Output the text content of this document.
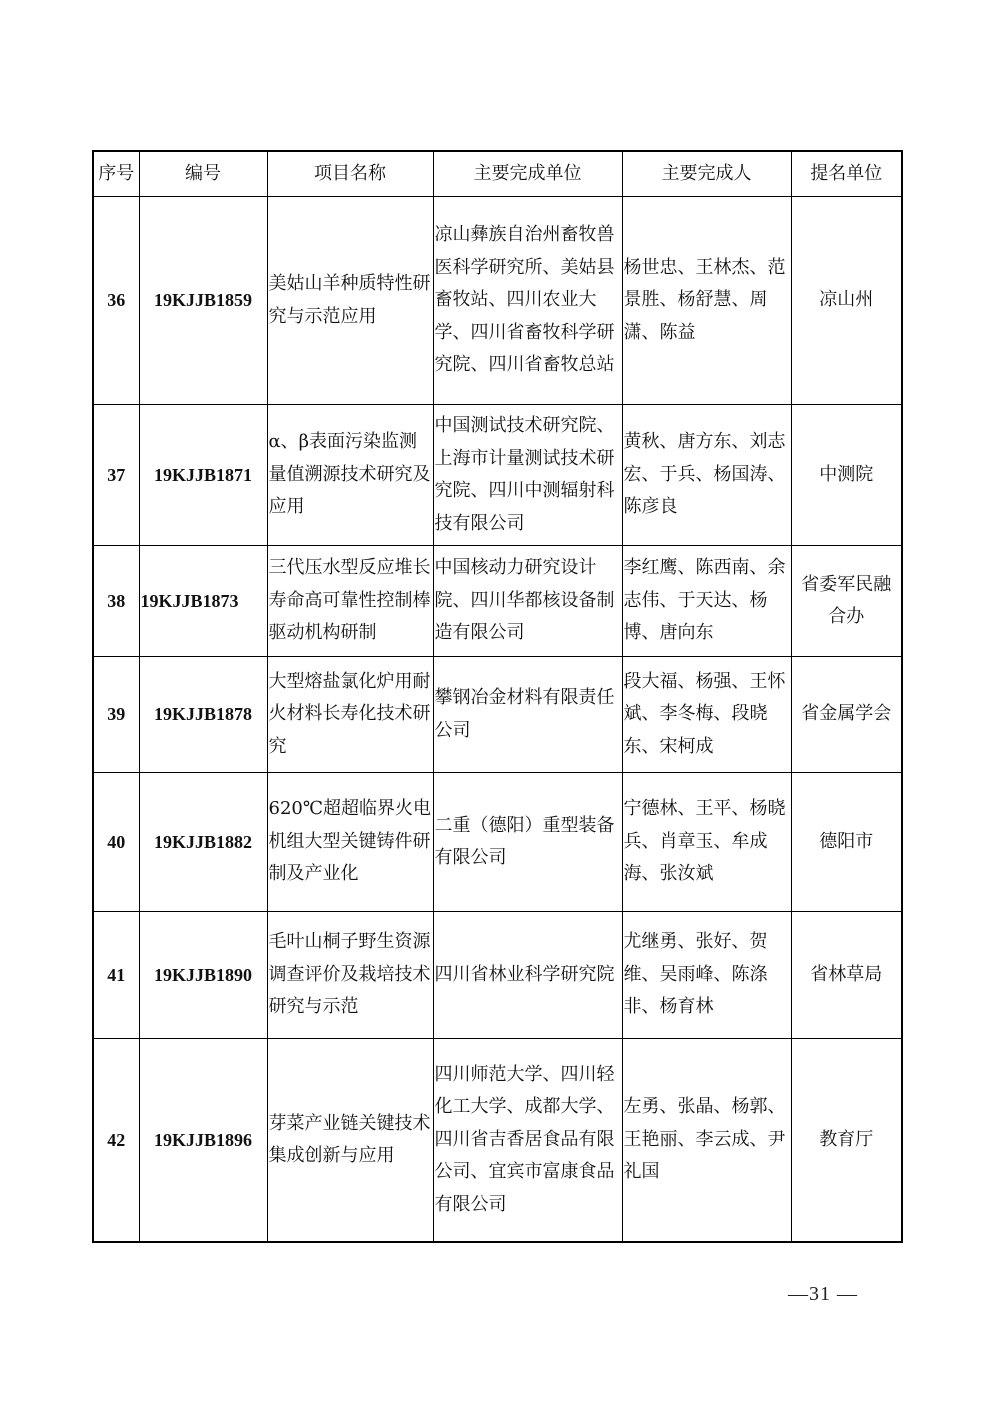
序号	编号	项目名称	主要完成单位	主要完成人	提名单位
36	19KJJB1859	美姑山羊种质特性研究与示范应用	凉山彝族自治州畜牧兽医科学研究所、美姑县畜牧站、四川农业大学、四川省畜牧科学研究院、四川省畜牧总站	杨世忠、王林杰、范景胜、杨舒慧、周潇、陈益	凉山州
37	19KJJB1871	α、β表面污染监测量值溯源技术研究及应用	中国测试技术研究院、上海市计量测试技术研究院、四川中测辐射科技有限公司	黄秋、唐方东、刘志宏、于兵、杨国涛、陈彦良	中测院
38	19KJJB1873	三代压水型反应堆长寿命高可靠性控制棒驱动机构研制	中国核动力研究设计院、四川华都核设备制造有限公司	李红鹰、陈西南、余志伟、于天达、杨博、唐向东	省委军民融合办
39	19KJJB1878	大型熔盐氯化炉用耐火材料长寿化技术研究	攀钢冶金材料有限责任公司	段大福、杨强、王怀斌、李冬梅、段晓东、宋柯成	省金属学会
40	19KJJB1882	620℃超超临界火电机组大型关键铸件研制及产业化	二重（德阳）重型装备有限公司	宁德林、王平、杨晓兵、肖章玉、牟成海、张汝斌	德阳市
41	19KJJB1890	毛叶山桐子野生资源调查评价及栽培技术研究与示范	四川省林业科学研究院	尤继勇、张好、贺维、吴雨峰、陈涤非、杨育林	省林草局
42	19KJJB1896	芽菜产业链关键技术集成创新与应用	四川师范大学、四川轻化工大学、成都大学、四川省吉香居食品有限公司、宜宾市富康食品有限公司	左勇、张晶、杨郭、王艳丽、李云成、尹礼国	教育厅
—31 —
